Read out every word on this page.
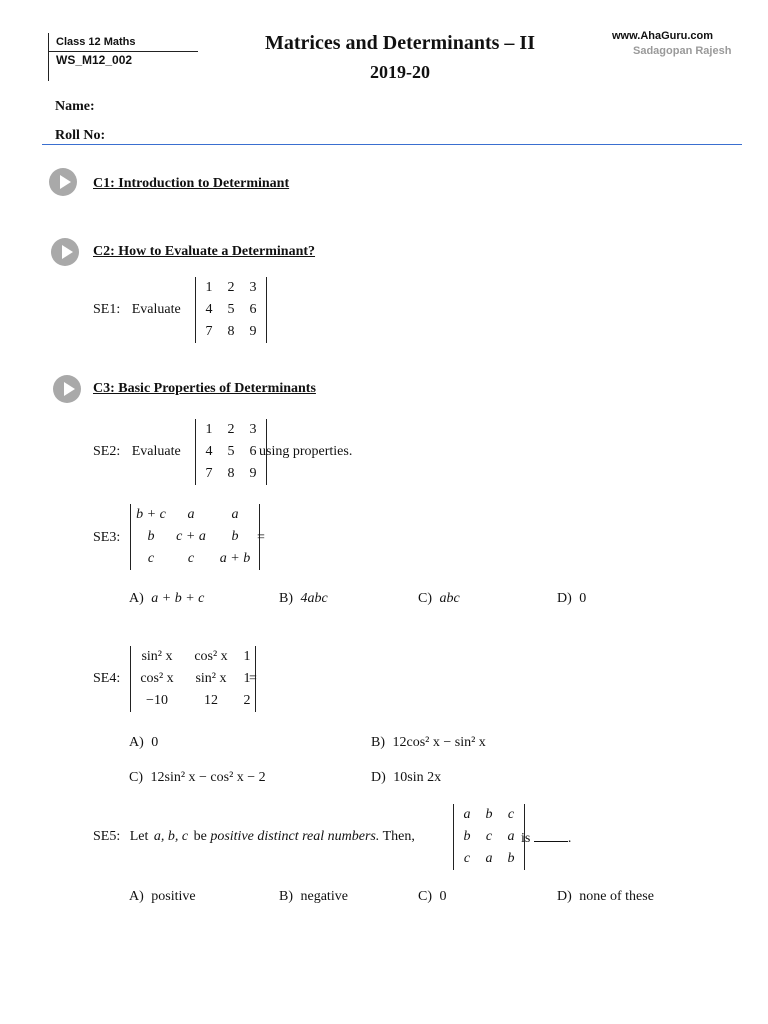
Class 12 Maths
WS_M12_002
Matrices and Determinants – II
2019-20
www.AhaGuru.com
Sadagopan Rajesh
Name:
Roll No:
C1: Introduction to Determinant
C2: How to Evaluate a Determinant?
SE1: Evaluate
1	2	3
4	5	6
7	8	9
C3: Basic Properties of Determinants
SE2: Evaluate
1	2	3
4	5	6
7	8	9
using properties.
SE3:
b + c	a	a
b	c + a	b
c	c	a + b
=
A) a + b + c	B) 4abc	C) abc	D) 0
SE4:
sin² x	cos² x	1
cos² x	sin² x	1
−10	12	2
=
A) 0	B) 12cos² x − sin² x
C) 12sin² x − cos² x − 2	D) 10sin 2x
SE5: Let a, b, c be positive distinct real numbers. Then,
a	b	c
b	c	a
c	a	b
is	.
A) positive	B) negative	C) 0	D) none of these
